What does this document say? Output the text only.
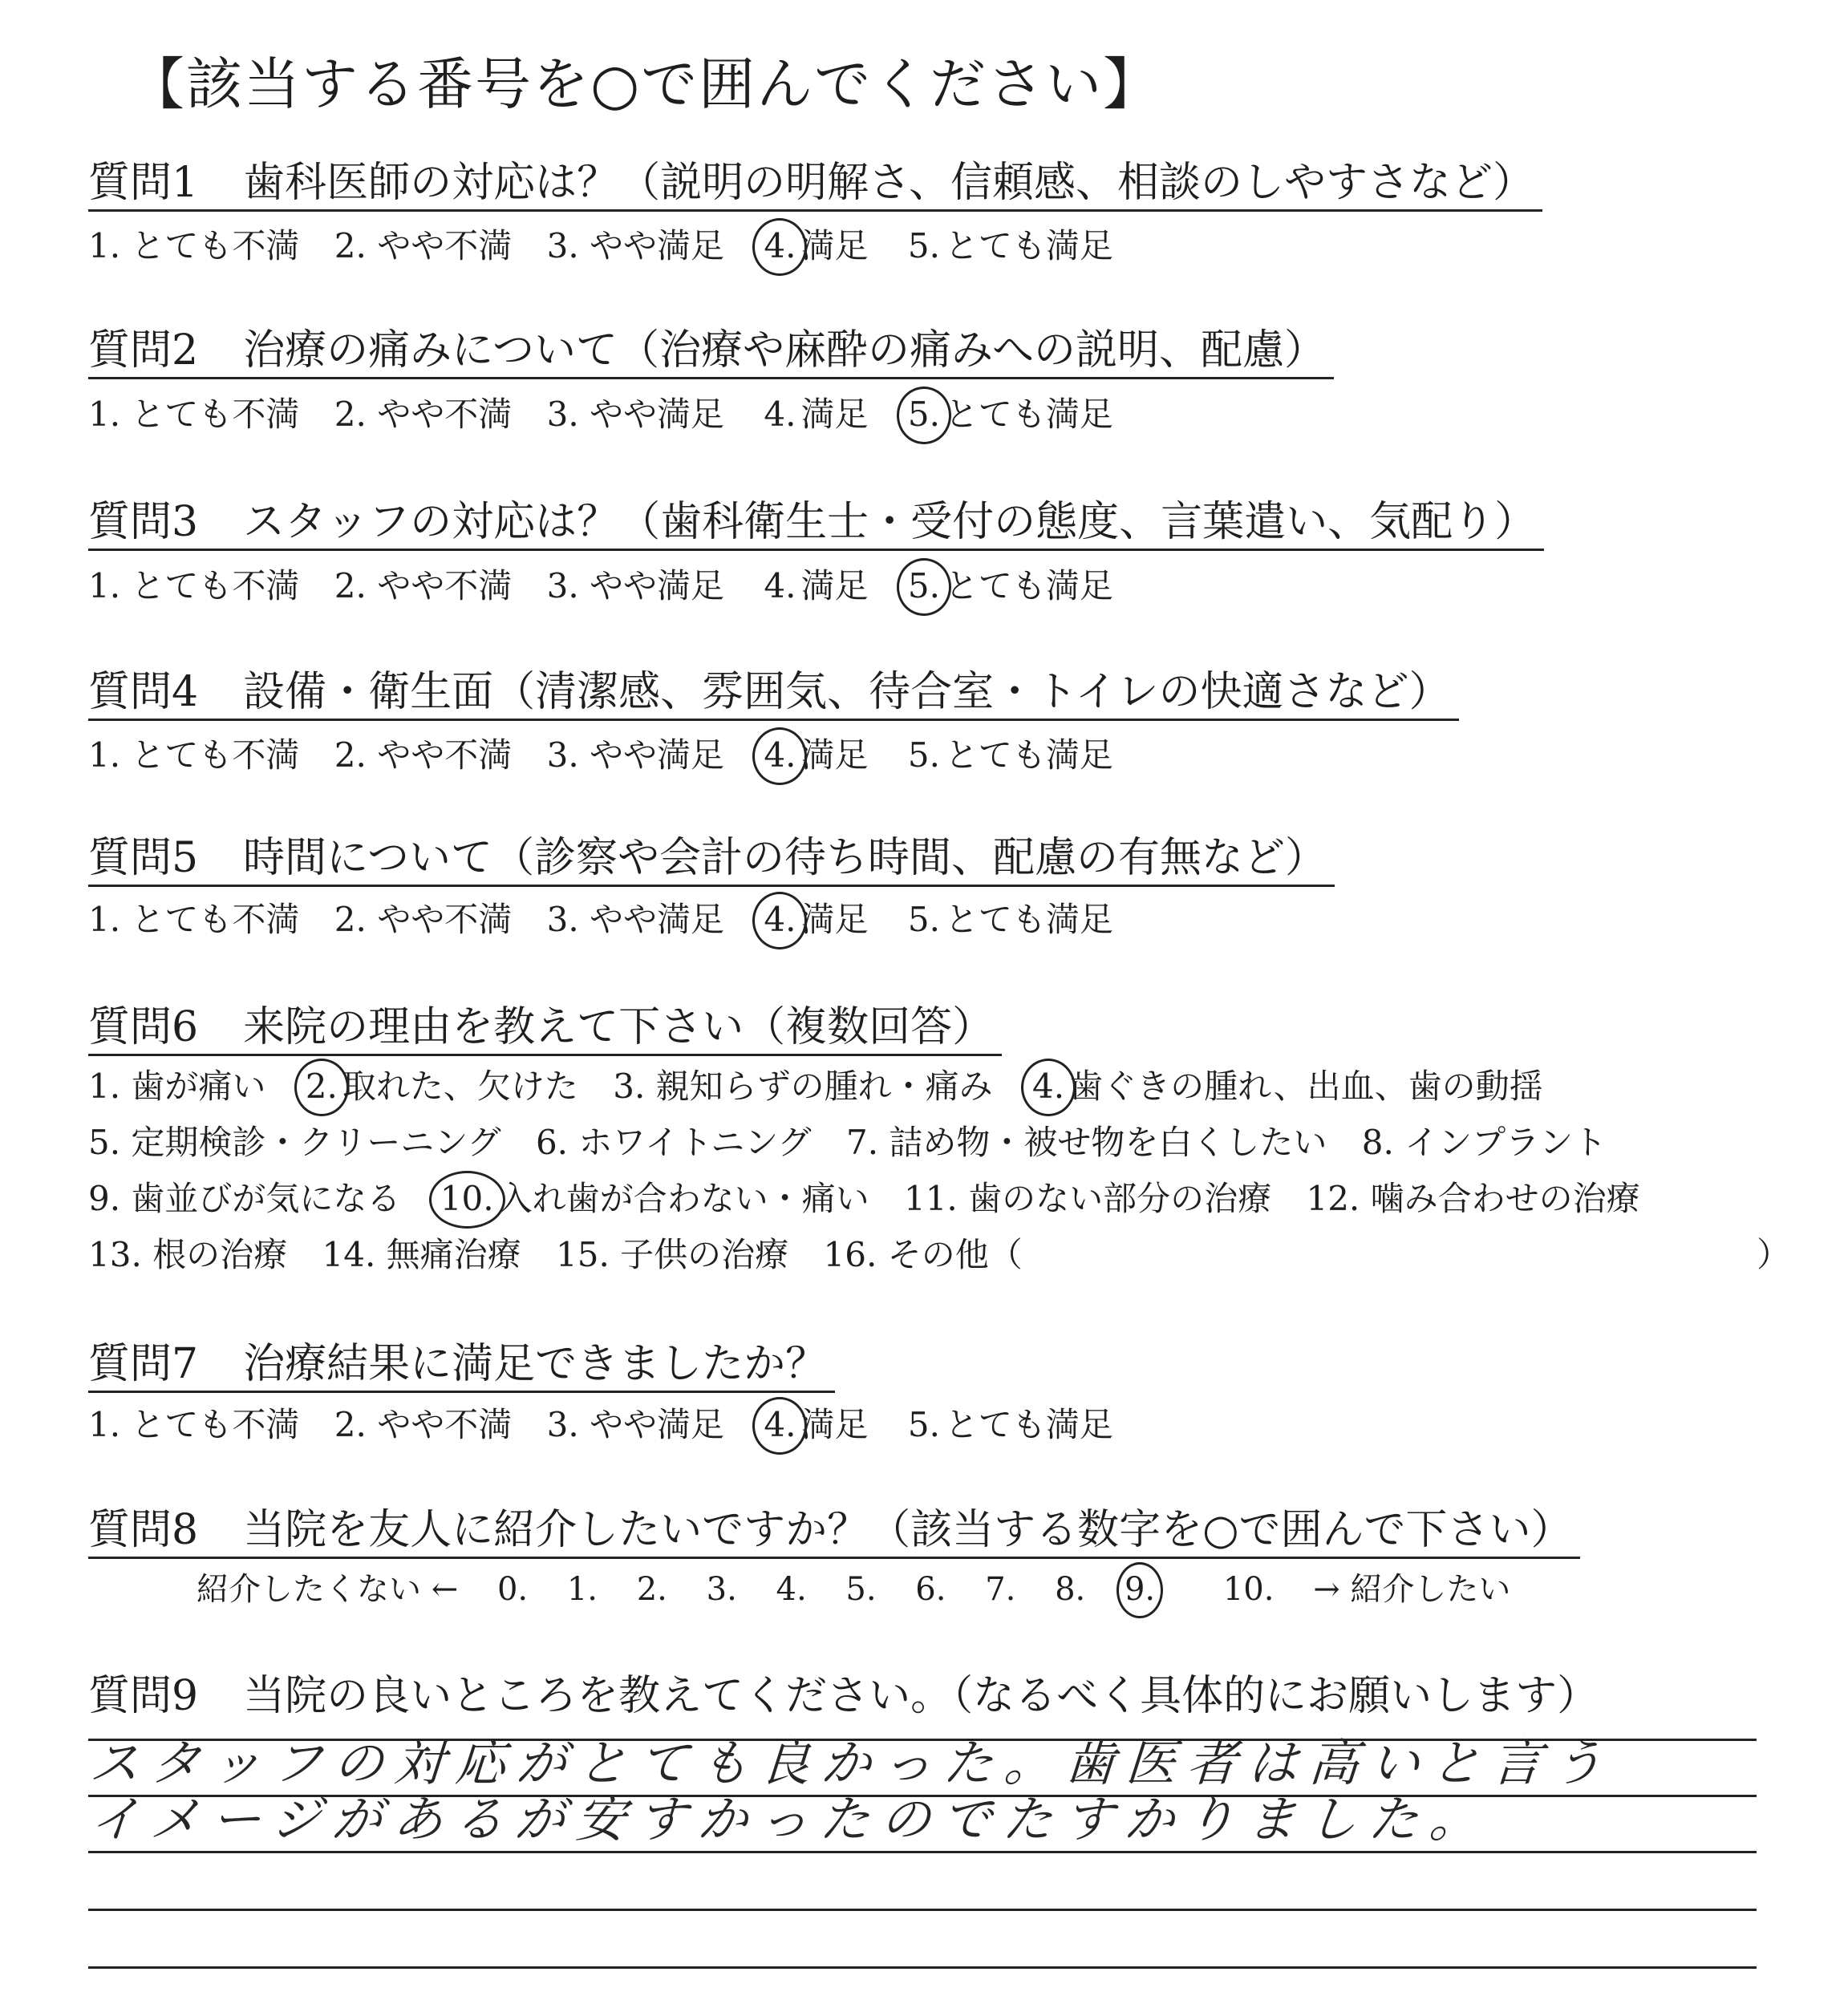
【該当する番号を○で囲んでください】
質問1 歯科医師の対応は？（説明の明解さ、信頼感、相談のしやすさなど）
1. とても不満 2. やや不満 3. やや満足 4. 満足 5. とても満足
質問2 治療の痛みについて（治療や麻酔の痛みへの説明、配慮）
1. とても不満 2. やや不満 3. やや満足 4. 満足 5. とても満足
質問3 スタッフの対応は？（歯科衛生士・受付の態度、言葉遣い、気配り）
1. とても不満 2. やや不満 3. やや満足 4. 満足 5. とても満足
質問4 設備・衛生面（清潔感、雰囲気、待合室・トイレの快適さなど）
1. とても不満 2. やや不満 3. やや満足 4. 満足 5. とても満足
質問5 時間について（診察や会計の待ち時間、配慮の有無など）
1. とても不満 2. やや不満 3. やや満足 4. 満足 5. とても満足
質問6 来院の理由を教えて下さい（複数回答）
1. 歯が痛い 2. 取れた、欠けた 3. 親知らずの腫れ・痛み 4. 歯ぐきの腫れ、出血、歯の動揺
5. 定期検診・クリーニング 6. ホワイトニング 7. 詰め物・被せ物を白くしたい 8. インプラント
9. 歯並びが気になる 10. 入れ歯が合わない・痛い 11. 歯のない部分の治療 12. 噛み合わせの治療
13. 根の治療 14. 無痛治療 15. 子供の治療 16. その他（	）
質問7 治療結果に満足できましたか？
1. とても不満 2. やや不満 3. やや満足 4. 満足 5. とても満足
質問8 当院を友人に紹介したいですか？（該当する数字を○で囲んで下さい）
紹介したくない ← 0. 1. 2. 3. 4. 5. 6. 7. 8. 9. 10. → 紹介したい
質問9 当院の良いところを教えてください。（なるべく具体的にお願いします）
スタッフの対応がとても良かった。歯医者は高いと言う
イメージがあるが安すかったのでたすかりました。
